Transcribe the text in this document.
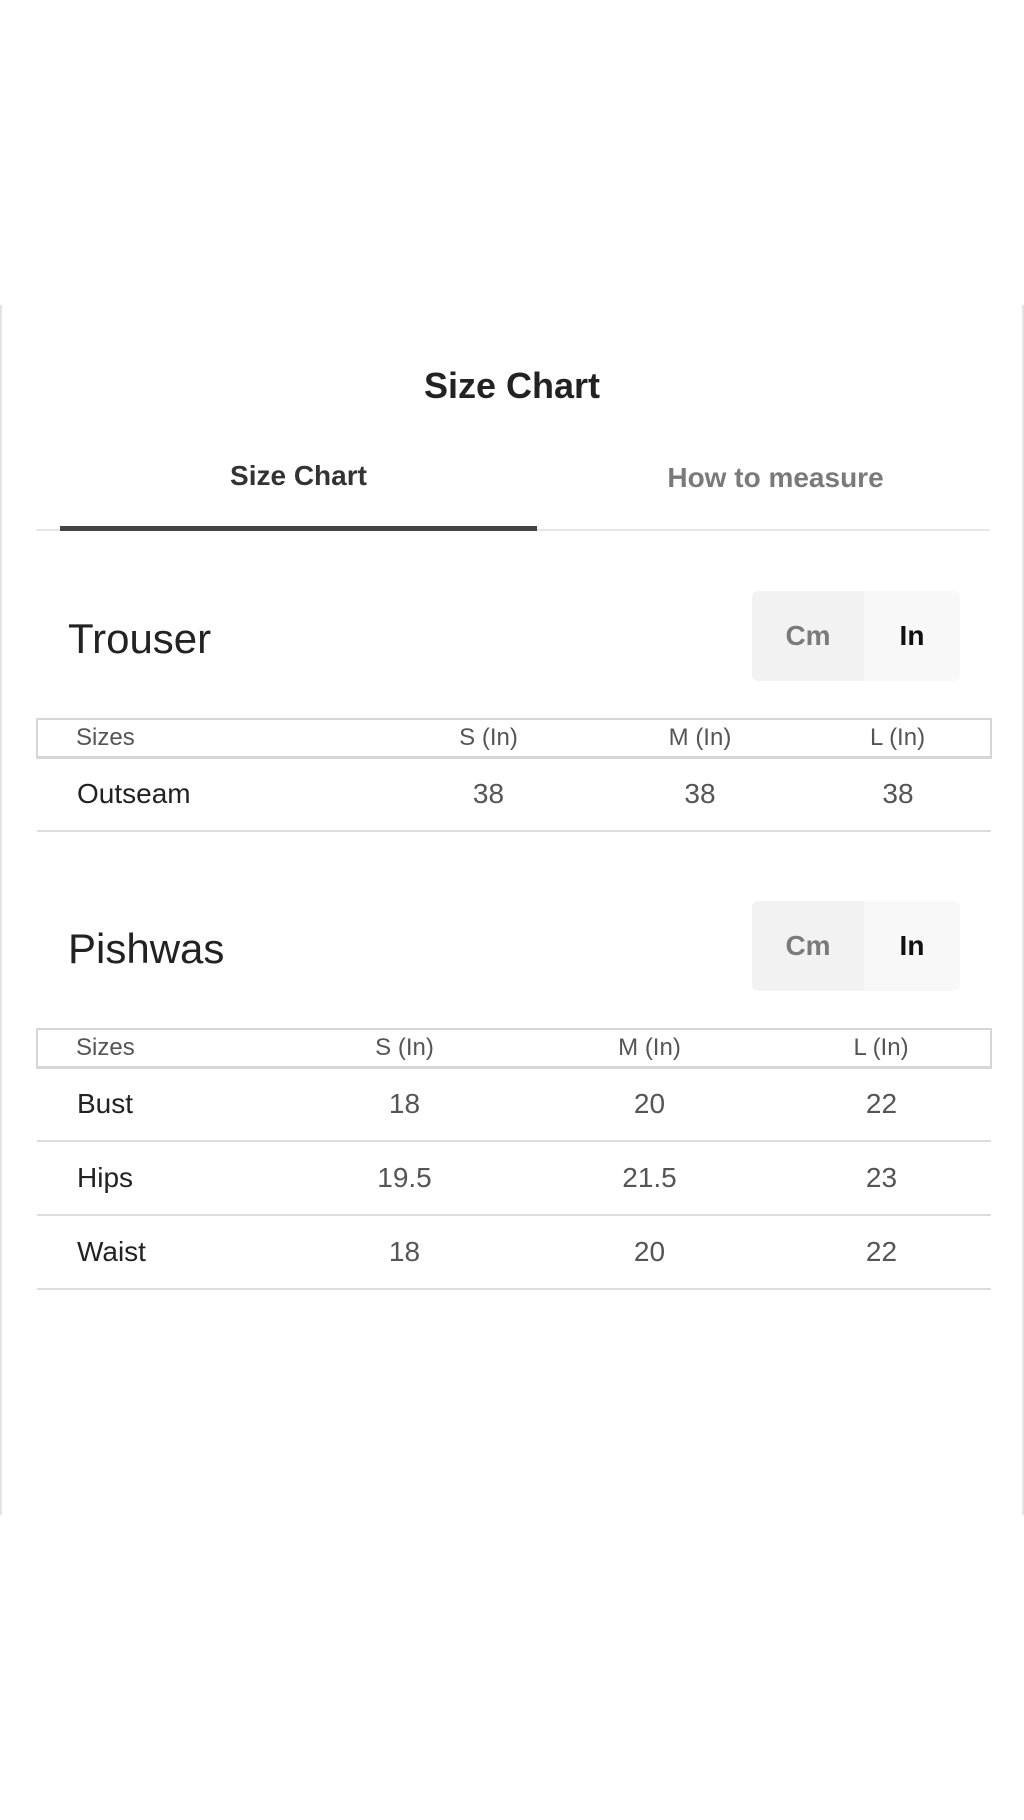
Size Chart
Size Chart	How to measure
Trouser	Cm	In
Sizes	S (In)	M (In)	L (In)
Outseam	38	38	38
Pishwas	Cm	In
Sizes	S (In)	M (In)	L (In)
Bust	18	20	22
Hips	19.5	21.5	23
Waist	18	20	22
